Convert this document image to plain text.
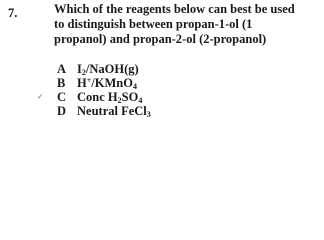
7.	Which of the reagents below can best be used
to distinguish between propan-1-ol (1
propanol) and propan-2-ol (2-propanol)
A $I_2/NaOH(g)$
B H+/KMnO$_4$
C Conc $H_2SO_4$
D Neutral FeCl$_3$
✓
